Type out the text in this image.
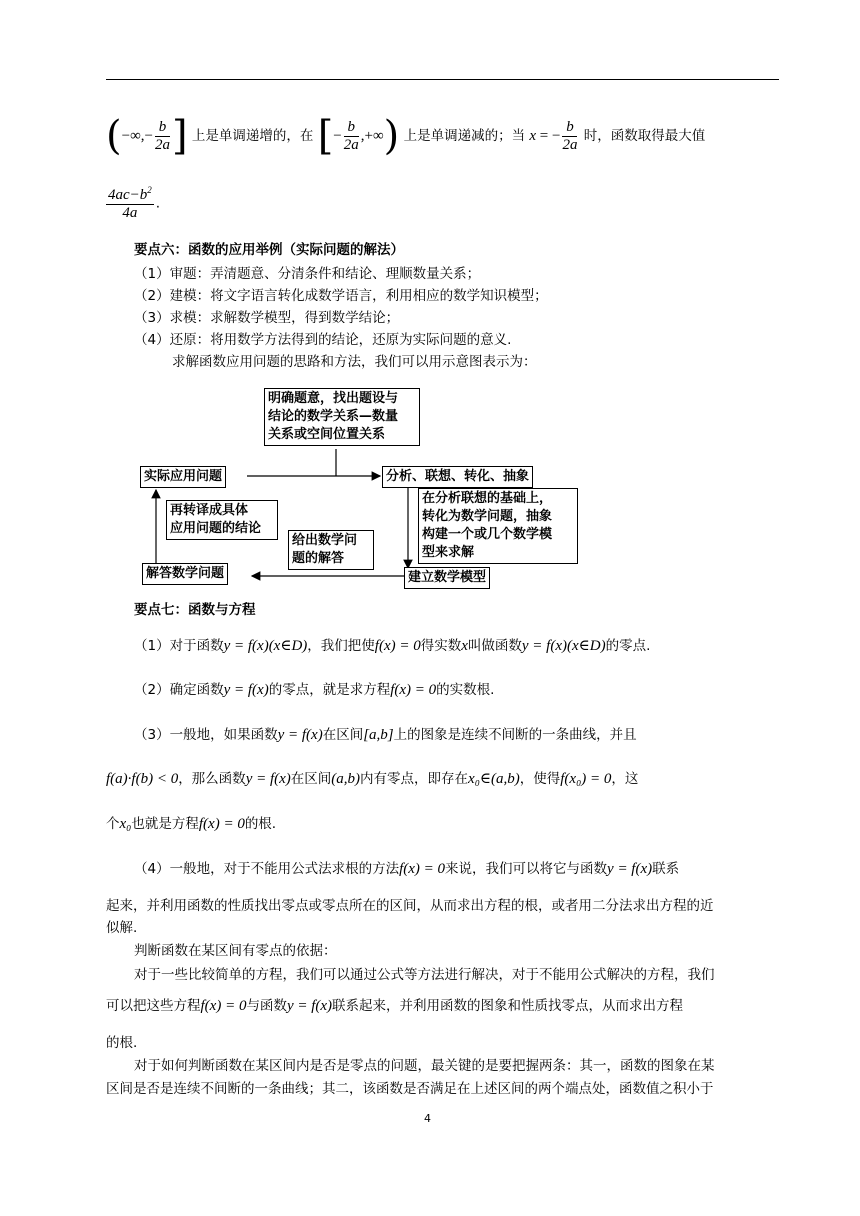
(−∞,− $\frac{b}{2a}$ ] 上是单调递增的，在 [− $\frac{b}{2a}$ ,+∞) 上是单调递减的；当 x = − $\frac{b}{2a}$ 时，函数取得最大值
$\frac{4ac-b^2}{4a}$ .
要点六：函数的应用举例（实际问题的解法）
（1）审题：弄清题意、分清条件和结论、理顺数量关系；
（2）建模：将文字语言转化成数学语言，利用相应的数学知识模型；
（3）求模：求解数学模型，得到数学结论；
（4）还原：将用数学方法得到的结论，还原为实际问题的意义.
求解函数应用问题的思路和方法，我们可以用示意图表示为：
明确题意，找出题设与
结论的数学关系—数量
关系或空间位置关系
实际应用问题	分析、联想、转化、抽象
在分析联想的基础上，
转化为数学问题，抽象
构建一个或几个数学模
型来求解
再转译成具体
应用问题的结论
给出数学问
题的解答
解答数学问题	建立数学模型
要点七：函数与方程
（1）对于函数y = f(x)(x∈D)，我们把使f(x) = 0得实数x叫做函数y = f(x)(x∈D)的零点.
（2）确定函数y = f(x)的零点，就是求方程f(x) = 0的实数根.
（3）一般地，如果函数y = f(x)在区间[a,b]上的图象是连续不间断的一条曲线，并且
f(a)·f(b) < 0，那么函数y = f(x)在区间(a,b)内有零点，即存在x₀∈(a,b)，使得f(x₀) = 0，这
个x₀也就是方程f(x) = 0的根.
（4）一般地，对于不能用公式法求根的方法f(x) = 0来说，我们可以将它与函数y = f(x)联系
起来，并利用函数的性质找出零点或零点所在的区间，从而求出方程的根，或者用二分法求出方程的近
似解.
判断函数在某区间有零点的依据：
对于一些比较简单的方程，我们可以通过公式等方法进行解决，对于不能用公式解决的方程，我们
可以把这些方程f(x) = 0与函数y = f(x)联系起来，并利用函数的图象和性质找零点，从而求出方程
的根.
对于如何判断函数在某区间内是否是零点的问题，最关键的是要把握两条：其一，函数的图象在某
区间是否是连续不间断的一条曲线；其二，该函数是否满足在上述区间的两个端点处，函数值之积小于
4
